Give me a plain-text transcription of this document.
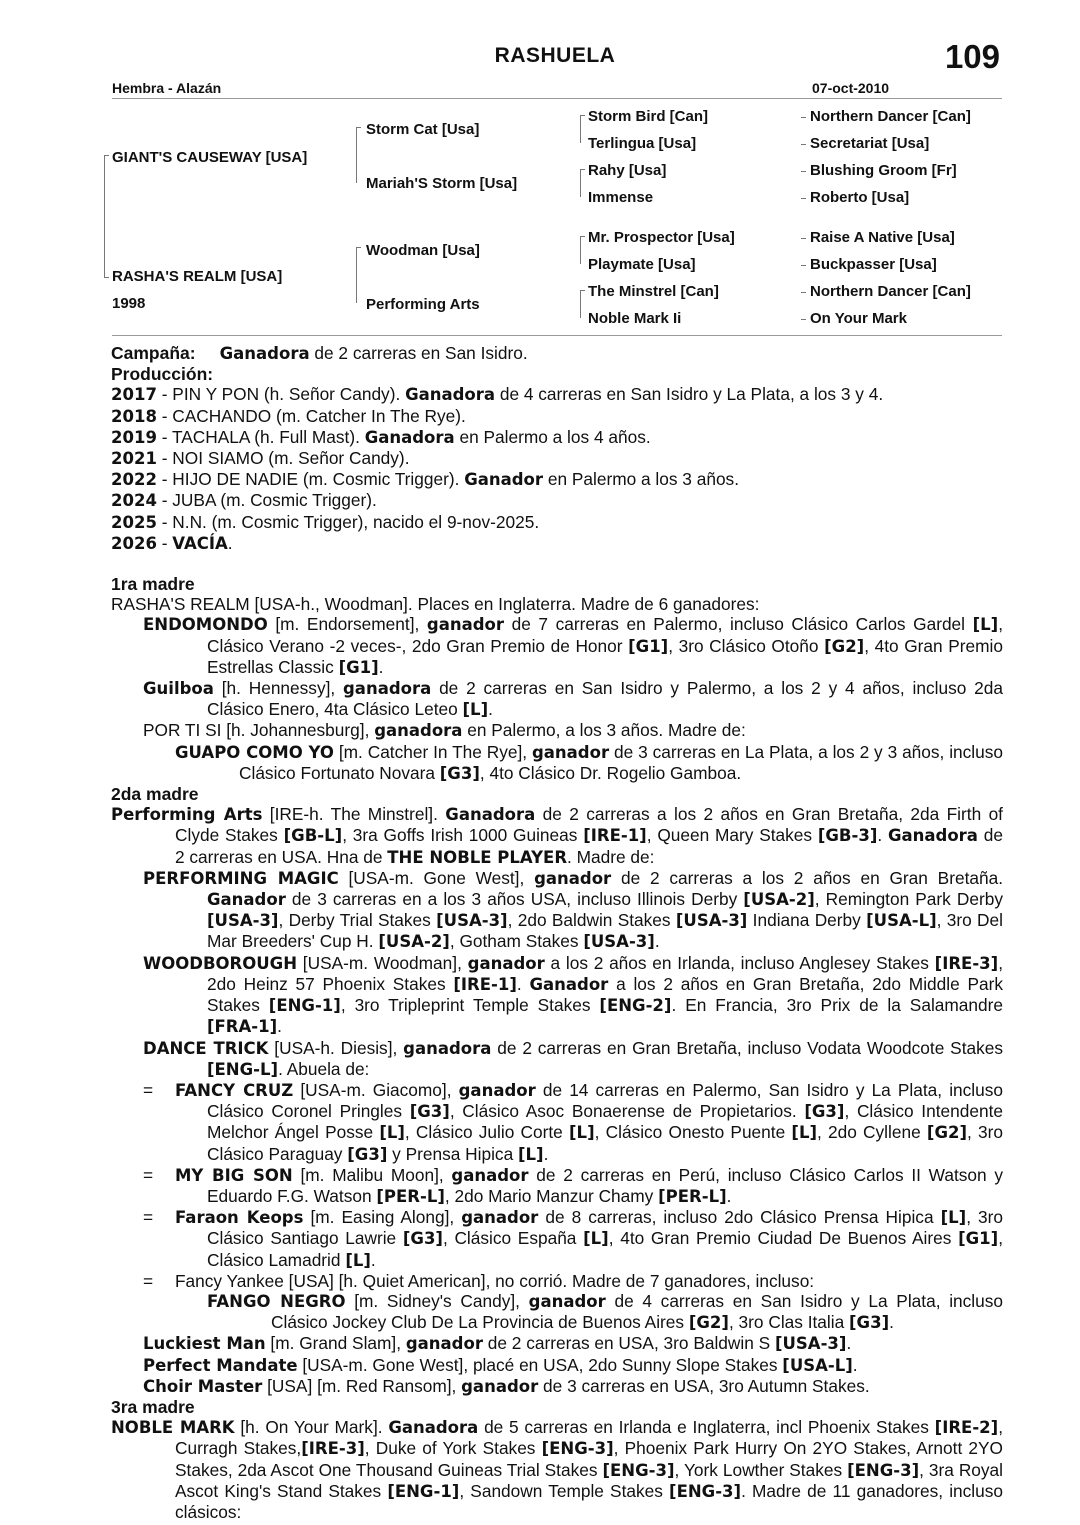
RASHUELA	109
Hembra - Alazán	07-oct-2010
GIANT'S CAUSEWAY [USA]
RASHA'S REALM [USA]
1998
Storm Cat [Usa]
Mariah'S Storm [Usa]
Woodman [Usa]
Performing Arts
Storm Bird [Can]
Terlingua [Usa]
Rahy [Usa]
Immense
Mr. Prospector [Usa]
Playmate [Usa]
The Minstrel [Can]
Noble Mark Ii
Northern Dancer [Can]
Secretariat [Usa]
Blushing Groom [Fr]
Roberto [Usa]
Raise A Native [Usa]
Buckpasser [Usa]
Northern Dancer [Can]
On Your Mark

Campaña: Ganadora de 2 carreras en San Isidro.

Producción:

2017 - PIN Y PON (h. Señor Candy). Ganadora de 4 carreras en San Isidro y La Plata, a los 3 y 4.

2018 - CACHANDO (m. Catcher In The Rye).

2019 - TACHALA (h. Full Mast). Ganadora en Palermo a los 4 años.

2021 - NOI SIAMO (m. Señor Candy).

2022 - HIJO DE NADIE (m. Cosmic Trigger). Ganador en Palermo a los 3 años.

2024 - JUBA (m. Cosmic Trigger).

2025 - N.N. (m. Cosmic Trigger), nacido el 9-nov-2025.

2026 - VACÍA.

1ra madre

RASHA'S REALM [USA-h., Woodman]. Places en Inglaterra. Madre de 6 ganadores:

ENDOMONDO [m. Endorsement], ganador de 7 carreras en Palermo, incluso Clásico Carlos Gardel [L], Clásico Verano -2 veces-, 2do Gran Premio de Honor [G1], 3ro Clásico Otoño [G2], 4to Gran Premio Estrellas Classic [G1].

Guilboa [h. Hennessy], ganadora de 2 carreras en San Isidro y Palermo, a los 2 y 4 años, incluso 2da Clásico Enero, 4ta Clásico Leteo [L].

POR TI SI [h. Johannesburg], ganadora en Palermo, a los 3 años. Madre de:

GUAPO COMO YO [m. Catcher In The Rye], ganador de 3 carreras en La Plata, a los 2 y 3 años, incluso Clásico Fortunato Novara [G3], 4to Clásico Dr. Rogelio Gamboa.

2da madre

Performing Arts [IRE-h. The Minstrel]. Ganadora de 2 carreras a los 2 años en Gran Bretaña, 2da Firth of Clyde Stakes [GB-L], 3ra Goffs Irish 1000 Guineas [IRE-1], Queen Mary Stakes [GB-3]. Ganadora de 2 carreras en USA. Hna de THE NOBLE PLAYER. Madre de:

PERFORMING MAGIC [USA-m. Gone West], ganador de 2 carreras a los 2 años en Gran Bretaña. Ganador de 3 carreras en a los 3 años USA, incluso Illinois Derby [USA-2], Remington Park Derby [USA-3], Derby Trial Stakes [USA-3], 2do Baldwin Stakes [USA-3] Indiana Derby [USA-L], 3ro Del Mar Breeders' Cup H. [USA-2], Gotham Stakes [USA-3].

WOODBOROUGH [USA-m. Woodman], ganador a los 2 años en Irlanda, incluso Anglesey Stakes [IRE-3], 2do Heinz 57 Phoenix Stakes [IRE-1]. Ganador a los 2 años en Gran Bretaña, 2do Middle Park Stakes [ENG-1], 3ro Tripleprint Temple Stakes [ENG-2]. En Francia, 3ro Prix de la Salamandre [FRA-1].

DANCE TRICK [USA-h. Diesis], ganadora de 2 carreras en Gran Bretaña, incluso Vodata Woodcote Stakes [ENG-L]. Abuela de:

= FANCY CRUZ [USA-m. Giacomo], ganador de 14 carreras en Palermo, San Isidro y La Plata, incluso Clásico Coronel Pringles [G3], Clásico Asoc Bonaerense de Propietarios. [G3], Clásico Intendente Melchor Ángel Posse [L], Clásico Julio Corte [L], Clásico Onesto Puente [L], 2do Cyllene [G2], 3ro Clásico Paraguay [G3] y Prensa Hipica [L].

= MY BIG SON [m. Malibu Moon], ganador de 2 carreras en Perú, incluso Clásico Carlos II Watson y Eduardo F.G. Watson [PER-L], 2do Mario Manzur Chamy [PER-L].

= Faraon Keops [m. Easing Along], ganador de 8 carreras, incluso 2do Clásico Prensa Hipica [L], 3ro Clásico Santiago Lawrie [G3], Clásico España [L], 4to Gran Premio Ciudad De Buenos Aires [G1], Clásico Lamadrid [L].

= Fancy Yankee [USA] [h. Quiet American], no corrió. Madre de 7 ganadores, incluso:

FANGO NEGRO [m. Sidney's Candy], ganador de 4 carreras en San Isidro y La Plata, incluso Clásico Jockey Club De La Provincia de Buenos Aires [G2], 3ro Clas Italia [G3].

Luckiest Man [m. Grand Slam], ganador de 2 carreras en USA, 3ro Baldwin S [USA-3].

Perfect Mandate [USA-m. Gone West], placé en USA, 2do Sunny Slope Stakes [USA-L].

Choir Master [USA] [m. Red Ransom], ganador de 3 carreras en USA, 3ro Autumn Stakes.

3ra madre

NOBLE MARK [h. On Your Mark]. Ganadora de 5 carreras en Irlanda e Inglaterra, incl Phoenix Stakes [IRE-2], Curragh Stakes,[IRE-3], Duke of York Stakes [ENG-3], Phoenix Park Hurry On 2YO Stakes, Arnott 2YO Stakes, 2da Ascot One Thousand Guineas Trial Stakes [ENG-3], York Lowther Stakes [ENG-3], 3ra Royal Ascot King's Stand Stakes [ENG-1], Sandown Temple Stakes [ENG-3]. Madre de 11 ganadores, incluso clásicos:
